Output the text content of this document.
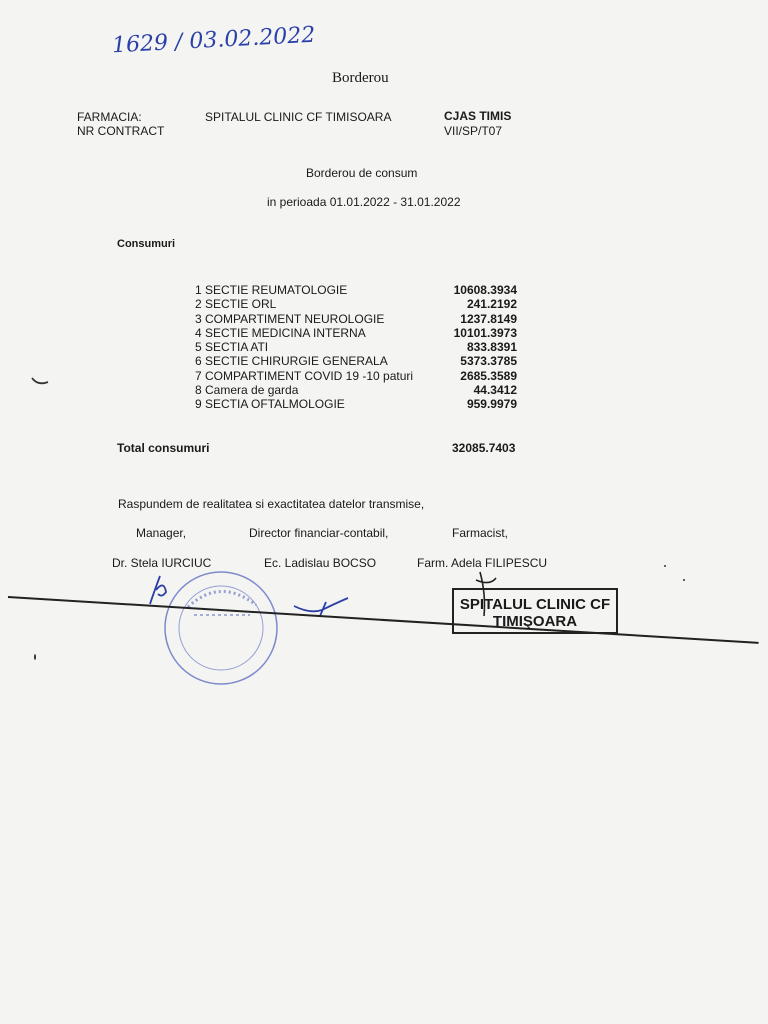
1629 / 03.02.2022
Borderou
FARMACIA:
NR CONTRACT
SPITALUL CLINIC CF TIMISOARA	CJAS TIMIS
VII/SP/T07
Borderou de consum
in perioada 01.01.2022 - 31.01.2022
Consumuri
1 SECTIE REUMATOLOGIE	10608.3934
2 SECTIE ORL	241.2192
3 COMPARTIMENT NEUROLOGIE	1237.8149
4 SECTIE MEDICINA INTERNA	10101.3973
5 SECTIA ATI	833.8391
6 SECTIE CHIRURGIE GENERALA	5373.3785
7 COMPARTIMENT COVID 19 -10 paturi	2685.3589
8 Camera de garda	44.3412
9 SECTIA OFTALMOLOGIE	959.9979
Total consumuri	32085.7403
Raspundem de realitatea si exactitatea datelor transmise,
Manager,	Director financiar-contabil,	Farmacist,
Dr. Stela IURCIUC	Ec. Ladislau BOCSO	Farm. Adela FILIPESCU
SPITALUL CLINIC CF
TIMIŞOARA
